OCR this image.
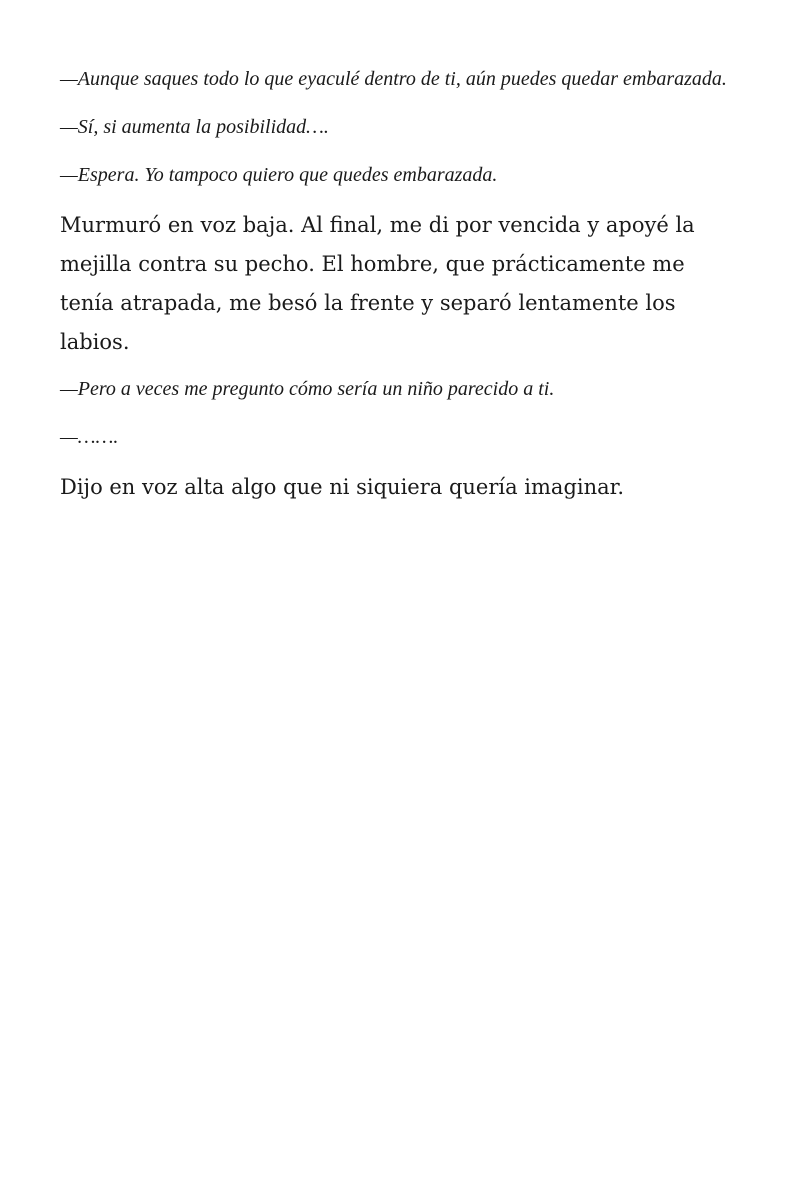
—Aunque saques todo lo que eyaculé dentro de ti, aún puedes quedar embarazada.

—Sí, si aumenta la posibilidad….

—Espera. Yo tampoco quiero que quedes embarazada.

Murmuró en voz baja. Al final, me di por vencida y apoyé la mejilla contra su pecho. El hombre, que prácticamente me tenía atrapada, me besó la frente y separó lentamente los labios.

—Pero a veces me pregunto cómo sería un niño parecido a ti.

—…….

Dijo en voz alta algo que ni siquiera quería imaginar.
